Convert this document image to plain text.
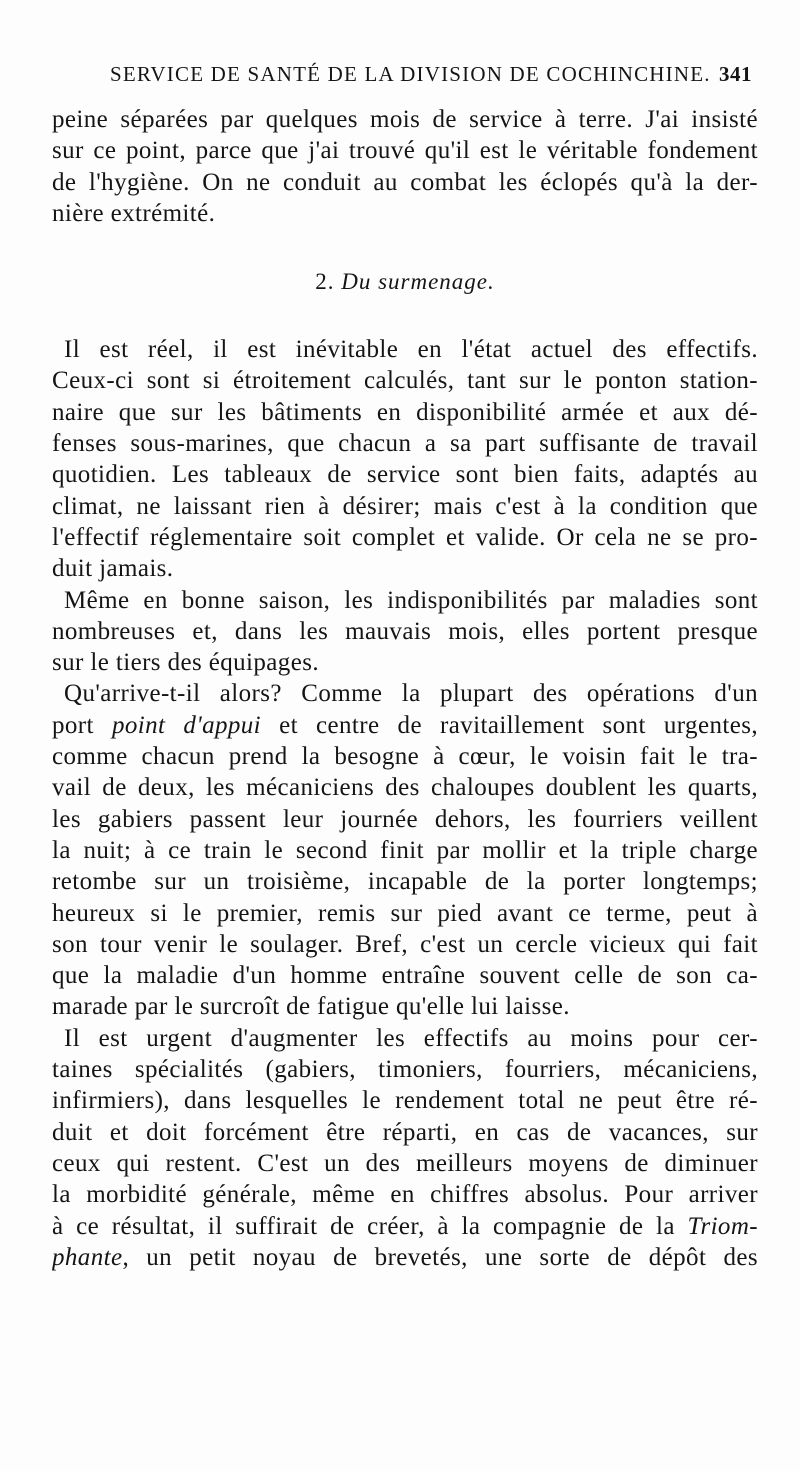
SERVICE DE SANTÉ DE LA DIVISION DE COCHINCHINE. 341
peine séparées par quelques mois de service à terre. J'ai insisté
sur ce point, parce que j'ai trouvé qu'il est le véritable fondement
de l'hygiène. On ne conduit au combat les éclopés qu'à la der-
nière extrémité.
2. Du surmenage.
Il est réel, il est inévitable en l'état actuel des effectifs.
Ceux-ci sont si étroitement calculés, tant sur le ponton station-
naire que sur les bâtiments en disponibilité armée et aux dé-
fenses sous-marines, que chacun a sa part suffisante de travail
quotidien. Les tableaux de service sont bien faits, adaptés au
climat, ne laissant rien à désirer; mais c'est à la condition que
l'effectif réglementaire soit complet et valide. Or cela ne se pro-
duit jamais.
Même en bonne saison, les indisponibilités par maladies sont
nombreuses et, dans les mauvais mois, elles portent presque
sur le tiers des équipages.
Qu'arrive-t-il alors? Comme la plupart des opérations d'un
port point d'appui et centre de ravitaillement sont urgentes,
comme chacun prend la besogne à cœur, le voisin fait le tra-
vail de deux, les mécaniciens des chaloupes doublent les quarts,
les gabiers passent leur journée dehors, les fourriers veillent
la nuit; à ce train le second finit par mollir et la triple charge
retombe sur un troisième, incapable de la porter longtemps;
heureux si le premier, remis sur pied avant ce terme, peut à
son tour venir le soulager. Bref, c'est un cercle vicieux qui fait
que la maladie d'un homme entraîne souvent celle de son ca-
marade par le surcroît de fatigue qu'elle lui laisse.
Il est urgent d'augmenter les effectifs au moins pour cer-
taines spécialités (gabiers, timoniers, fourriers, mécaniciens,
infirmiers), dans lesquelles le rendement total ne peut être ré-
duit et doit forcément être réparti, en cas de vacances, sur
ceux qui restent. C'est un des meilleurs moyens de diminuer
la morbidité générale, même en chiffres absolus. Pour arriver
à ce résultat, il suffirait de créer, à la compagnie de la Triom-
phante, un petit noyau de brevetés, une sorte de dépôt des
